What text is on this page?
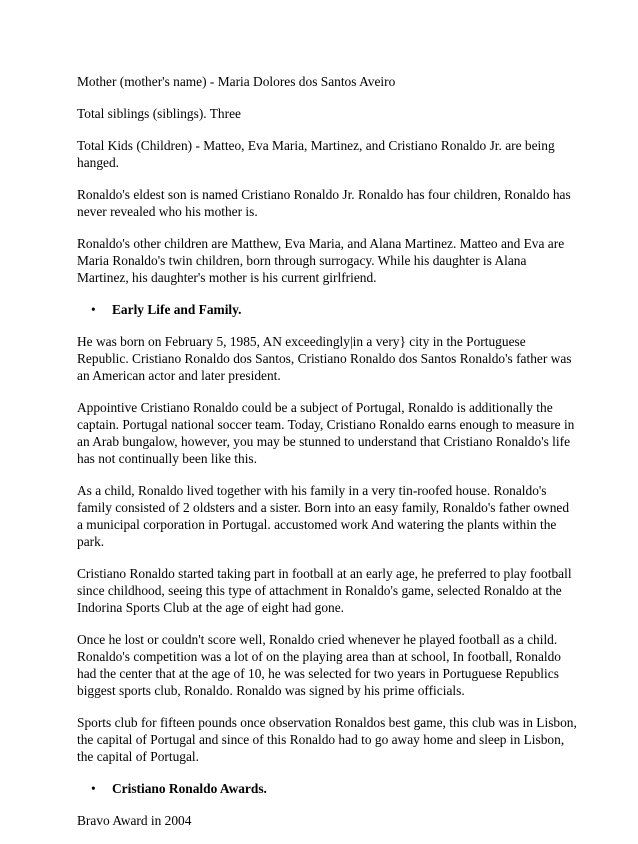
Mother (mother's name) - Maria Dolores dos Santos Aveiro

Total siblings (siblings). Three

Total Kids (Children) - Matteo, Eva Maria, Martinez, and Cristiano Ronaldo Jr. are being hanged.

Ronaldo's eldest son is named Cristiano Ronaldo Jr. Ronaldo has four children, Ronaldo has never revealed who his mother is.

Ronaldo's other children are Matthew, Eva Maria, and Alana Martinez. Matteo and Eva are Maria Ronaldo's twin children, born through surrogacy. While his daughter is Alana Martinez, his daughter's mother is his current girlfriend.

• Early Life and Family.

He was born on February 5, 1985, AN exceedingly|in a very} city in the Portuguese Republic. Cristiano Ronaldo dos Santos, Cristiano Ronaldo dos Santos Ronaldo's father was an American actor and later president.

Appointive Cristiano Ronaldo could be a subject of Portugal, Ronaldo is additionally the captain. Portugal national soccer team. Today, Cristiano Ronaldo earns enough to measure in an Arab bungalow, however, you may be stunned to understand that Cristiano Ronaldo's life has not continually been like this.

As a child, Ronaldo lived together with his family in a very tin-roofed house. Ronaldo's family consisted of 2 oldsters and a sister. Born into an easy family, Ronaldo's father owned a municipal corporation in Portugal. accustomed work And watering the plants within the park.

Cristiano Ronaldo started taking part in football at an early age, he preferred to play football since childhood, seeing this type of attachment in Ronaldo's game, selected Ronaldo at the Indorina Sports Club at the age of eight had gone.

Once he lost or couldn't score well, Ronaldo cried whenever he played football as a child. Ronaldo's competition was a lot of on the playing area than at school, In football, Ronaldo had the center that at the age of 10, he was selected for two years in Portuguese Republics biggest sports club, Ronaldo. Ronaldo was signed by his prime officials.

Sports club for fifteen pounds once observation Ronaldos best game, this club was in Lisbon, the capital of Portugal and since of this Ronaldo had to go away home and sleep in Lisbon, the capital of Portugal.

• Cristiano Ronaldo Awards.

Bravo Award in 2004
